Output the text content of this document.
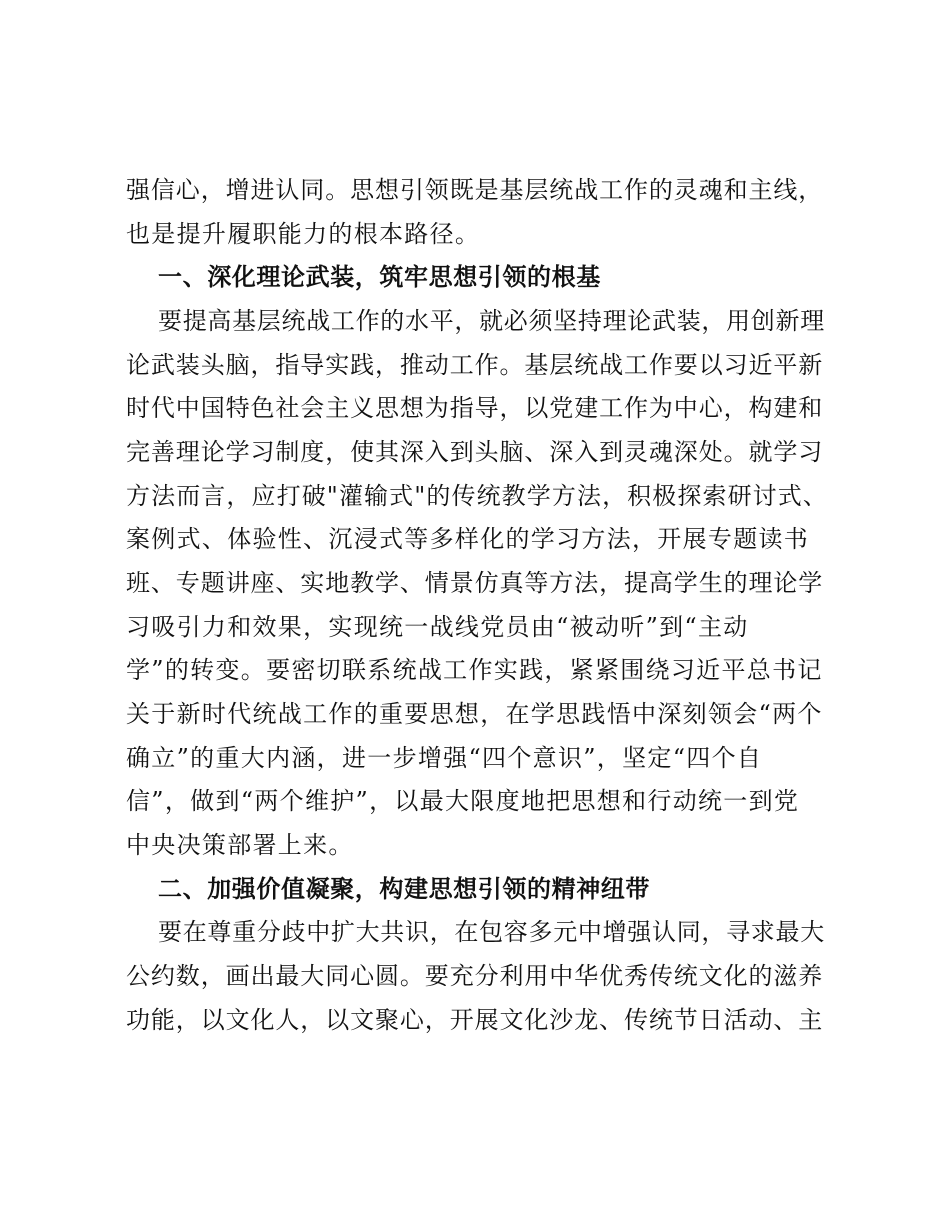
强信心，增进认同。思想引领既是基层统战工作的灵魂和主线，
也是提升履职能力的根本路径。
一、深化理论武装，筑牢思想引领的根基
要提高基层统战工作的水平，就必须坚持理论武装，用创新理
论武装头脑，指导实践，推动工作。基层统战工作要以习近平新
时代中国特色社会主义思想为指导，以党建工作为中心，构建和
完善理论学习制度，使其深入到头脑、深入到灵魂深处。就学习
方法而言，应打破"灌输式"的传统教学方法，积极探索研讨式、
案例式、体验性、沉浸式等多样化的学习方法，开展专题读书
班、专题讲座、实地教学、情景仿真等方法，提高学生的理论学
习吸引力和效果，实现统一战线党员由“被动听”到“主动
学”的转变。要密切联系统战工作实践，紧紧围绕习近平总书记
关于新时代统战工作的重要思想，在学思践悟中深刻领会“两个
确立”的重大内涵，进一步增强“四个意识”，坚定“四个自
信”，做到“两个维护”，以最大限度地把思想和行动统一到党
中央决策部署上来。
二、加强价值凝聚，构建思想引领的精神纽带
要在尊重分歧中扩大共识，在包容多元中增强认同，寻求最大
公约数，画出最大同心圆。要充分利用中华优秀传统文化的滋养
功能，以文化人，以文聚心，开展文化沙龙、传统节日活动、主
